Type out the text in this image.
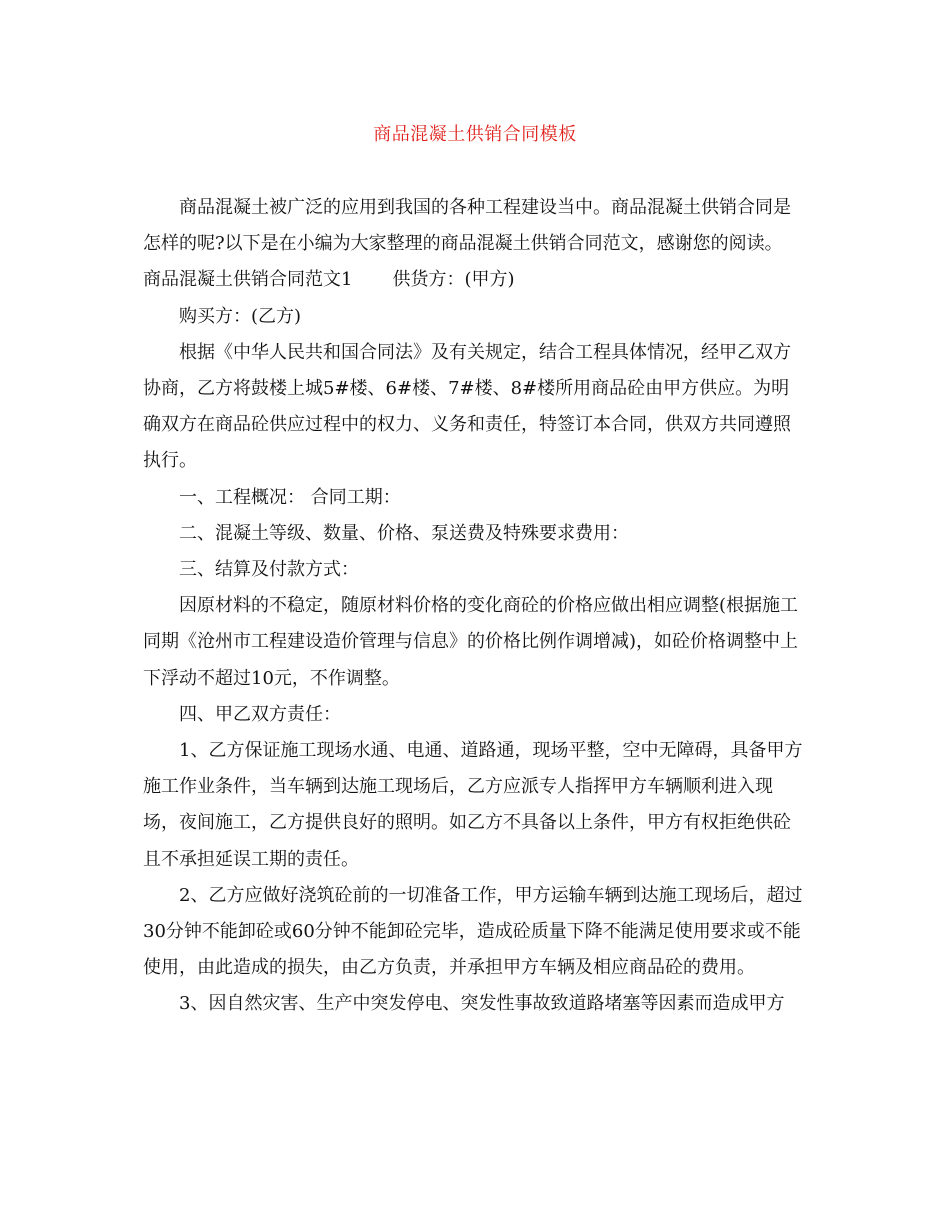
商品混凝土供销合同模板

商品混凝土被广泛的应用到我国的各种工程建设当中。商品混凝土供销合同是怎样的呢?以下是在小编为大家整理的商品混凝土供销合同范文，感谢您的阅读。

商品混凝土供销合同范文1 供货方：(甲方)

购买方：(乙方)

根据《中华人民共和国合同法》及有关规定，结合工程具体情况，经甲乙双方协商，乙方将鼓楼上城5#楼、6#楼、7#楼、8#楼所用商品砼由甲方供应。为明确双方在商品砼供应过程中的权力、义务和责任，特签订本合同，供双方共同遵照执行。

一、工程概况： 合同工期：

二、混凝土等级、数量、价格、泵送费及特殊要求费用：

三、结算及付款方式：

因原材料的不稳定，随原材料价格的变化商砼的价格应做出相应调整(根据施工同期《沧州市工程建设造价管理与信息》的价格比例作调增减)，如砼价格调整中上下浮动不超过10元，不作调整。

四、甲乙双方责任：

1、乙方保证施工现场水通、电通、道路通，现场平整，空中无障碍，具备甲方施工作业条件，当车辆到达施工现场后，乙方应派专人指挥甲方车辆顺利进入现场，夜间施工，乙方提供良好的照明。如乙方不具备以上条件，甲方有权拒绝供砼且不承担延误工期的责任。

2、乙方应做好浇筑砼前的一切准备工作，甲方运输车辆到达施工现场后，超过30分钟不能卸砼或60分钟不能卸砼完毕，造成砼质量下降不能满足使用要求或不能使用，由此造成的损失，由乙方负责，并承担甲方车辆及相应商品砼的费用。

3、因自然灾害、生产中突发停电、突发性事故致道路堵塞等因素而造成甲方
